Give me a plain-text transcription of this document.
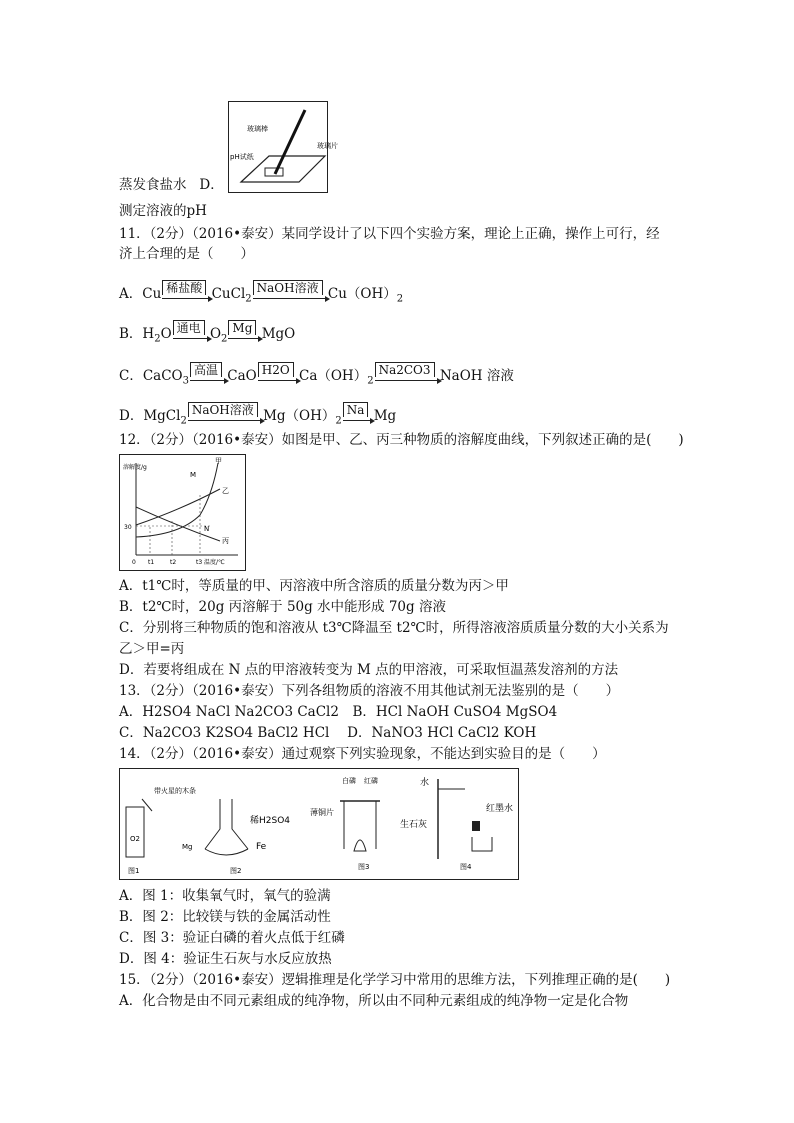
蒸发食盐水 D．
玻璃棒
pH试纸
玻璃片
测定溶液的pH
11．（2分）（2016•泰安）某同学设计了以下四个实验方案，理论上正确，操作上可行，经
济上合理的是（　　）
A．Cu 稀盐酸 CuCl$_2$NaOH溶液 $Cu(OH)_2$
B．$H_2O$ 通电 $O_2Mg$ MgO
C．CaCO$_3$高温 CaO H2O $Ca(OH)_2Na2CO3$ NaOH 溶液
D．MgCl$_2$NaOH溶液 $Mg(OH)_2Na$ Mg
12．（2分）（2016•泰安）如图是甲、乙、丙三种物质的溶解度曲线，下列叙述正确的是(　　)
溶解度/g
温度/℃
甲
乙
丙
M
N
30
0 t1	t2	t3
A．t1℃时，等质量的甲、丙溶液中所含溶质的质量分数为丙＞甲
B．t2℃时，20g 丙溶解于 50g 水中能形成 70g 溶液
C．分别将三种物质的饱和溶液从 t3℃降温至 t2℃时，所得溶液溶质质量分数的大小关系为
乙＞甲=丙
D．若要将组成在 N 点的甲溶液转变为 M 点的甲溶液，可采取恒温蒸发溶剂的方法
13．（2分）（2016•泰安）下列各组物质的溶液不用其他试剂无法鉴别的是（　　）
A．H2SO4 NaCl Na2CO3 CaCl2　B．HCl NaOH CuSO4 MgSO4
C．Na2CO3 K2SO4 BaCl2 HCl　 D．NaNO3 HCl CaCl2 KOH
14．（2分）（2016•泰安）通过观察下列实验现象，不能达到实验目的是（　　）
带火星的木条
O2
图1
稀H2SO4
Fe
Mg
图2
白磷 红磷
薄铜片
图3
水
生石灰
红墨水
图4
A．图 1：收集氧气时，氧气的验满
B．图 2：比较镁与铁的金属活动性
C．图 3：验证白磷的着火点低于红磷
D．图 4：验证生石灰与水反应放热
15．（2分）（2016•泰安）逻辑推理是化学学习中常用的思维方法，下列推理正确的是(　　)
A．化合物是由不同元素组成的纯净物，所以由不同种元素组成的纯净物一定是化合物
